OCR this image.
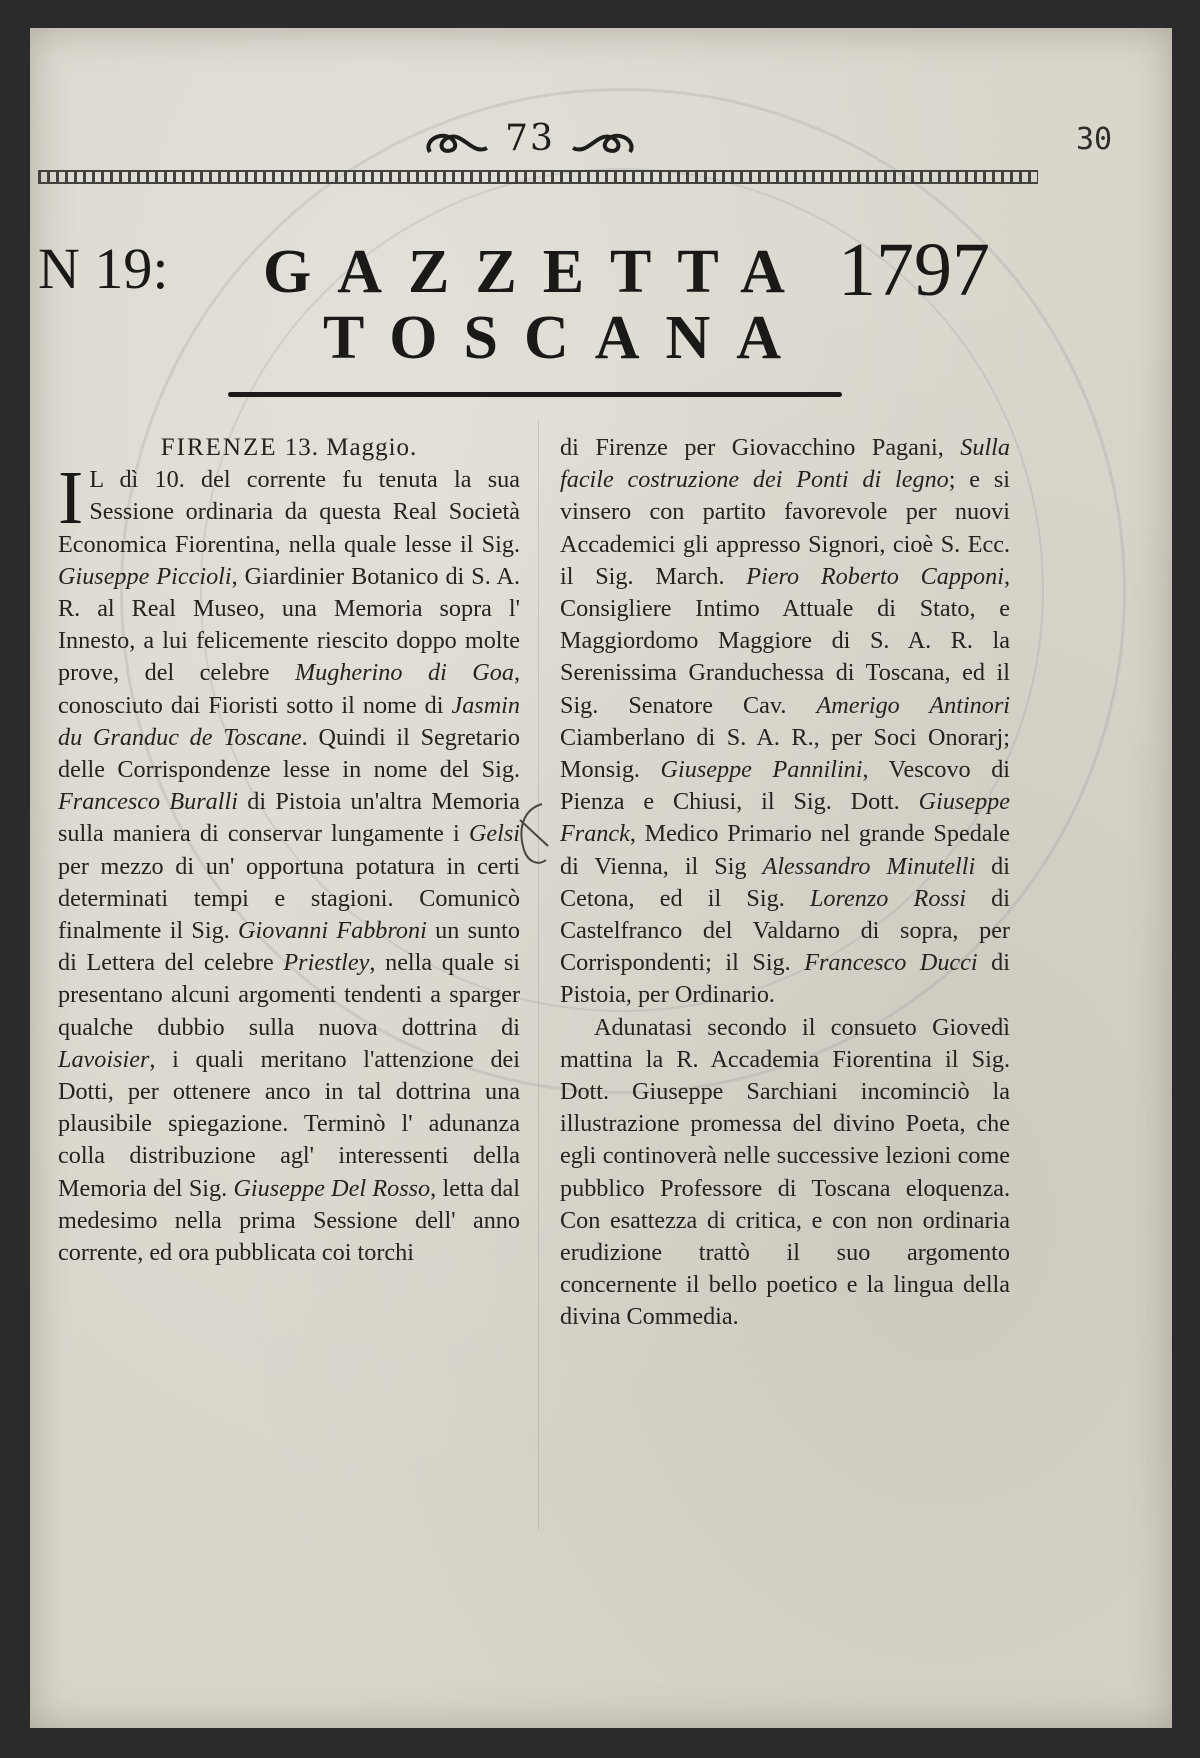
30
73
N 19: GAZZETTA
TOSCANA
1797
FIRENZE 13. Maggio.

I L dì 10. del corrente fu tenuta la sua Sessione ordinaria da questa Real Società Economica Fiorentina, nella quale lesse il Sig. Giuseppe Piccioli, Giardinier Botanico di S. A. R. al Real Museo, una Memoria sopra l' Innesto, a lui felicemente riescito doppo molte prove, del celebre Mugherino di Goa, conosciuto dai Fioristi sotto il nome di Jasmin du Granduc de Toscane. Quindi il Segretario delle Corrispondenze lesse in nome del Sig. Francesco Buralli di Pistoia un'altra Memoria sulla maniera di conservar lungamente i Gelsi per mezzo di un' opportuna potatura in certi determinati tempi e stagioni. Comunicò finalmente il Sig. Giovanni Fabbroni un sunto di Lettera del celebre Priestley, nella quale si presentano alcuni argomenti tendenti a sparger qualche dubbio sulla nuova dottrina di Lavoisier, i quali meritano l'attenzione dei Dotti, per ottenere anco in tal dottrina una plausibile spiegazione. Terminò l' adunanza colla distribuzione agl' interessenti della Memoria del Sig. Giuseppe Del Rosso, letta dal medesimo nella prima Sessione dell' anno corrente, ed ora pubblicata coi torchi

di Firenze per Giovacchino Pagani, Sulla facile costruzione dei Ponti di legno; e si vinsero con partito favorevole per nuovi Accademici gli appresso Signori, cioè S. Ecc. il Sig. March. Piero Roberto Capponi, Consigliere Intimo Attuale di Stato, e Maggiordomo Maggiore di S. A. R. la Serenissima Granduchessa di Toscana, ed il Sig. Senatore Cav. Amerigo Antinori Ciamberlano di S. A. R., per Soci Onorarj; Monsig. Giuseppe Pannilini, Vescovo di Pienza e Chiusi, il Sig. Dott. Giuseppe Franck, Medico Primario nel grande Spedale di Vienna, il Sig Alessandro Minutelli di Cetona, ed il Sig. Lorenzo Rossi di Castelfranco del Valdarno di sopra, per Corrispondenti; il Sig. Francesco Ducci di Pistoia, per Ordinario.

Adunatasi secondo il consueto Giovedì mattina la R. Accademia Fiorentina il Sig. Dott. Giuseppe Sarchiani incominciò la illustrazione promessa del divino Poeta, che egli continoverà nelle successive lezioni come pubblico Professore di Toscana eloquenza. Con esattezza di critica, e con non ordinaria erudizione trattò il suo argomento concernente il bello poetico e la lingua della divina Commedia.
